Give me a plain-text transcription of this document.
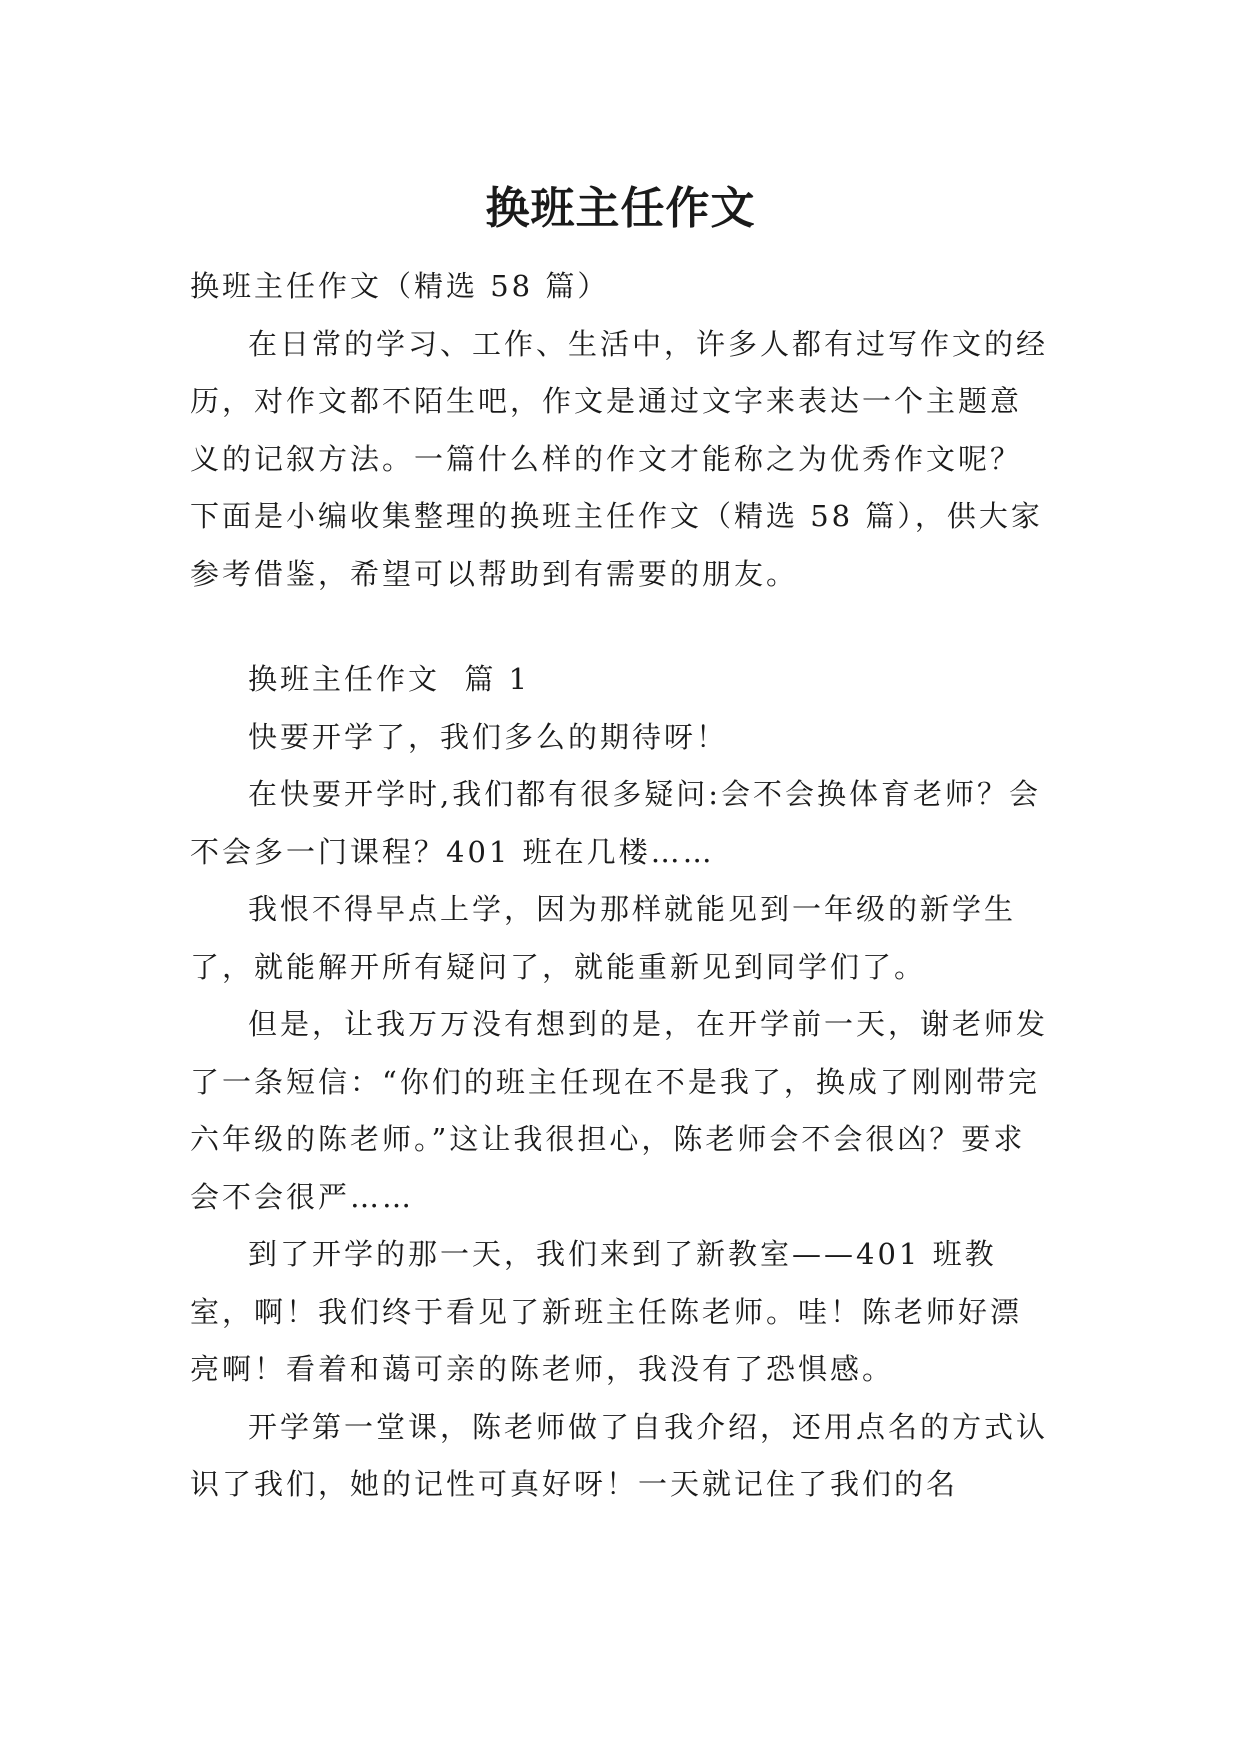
换班主任作文

换班主任作文（精选 58 篇）

在日常的学习、工作、生活中，许多人都有过写作文的经历，对作文都不陌生吧，作文是通过文字来表达一个主题意义的记叙方法。一篇什么样的作文才能称之为优秀作文呢？下面是小编收集整理的换班主任作文（精选 58 篇），供大家参考借鉴，希望可以帮助到有需要的朋友。

换班主任作文  篇 1

快要开学了，我们多么的期待呀！

在快要开学时,我们都有很多疑问:会不会换体育老师？会不会多一门课程？401 班在几楼……

我恨不得早点上学，因为那样就能见到一年级的新学生了，就能解开所有疑问了，就能重新见到同学们了。

但是，让我万万没有想到的是，在开学前一天，谢老师发了一条短信：“你们的班主任现在不是我了，换成了刚刚带完六年级的陈老师。”这让我很担心，陈老师会不会很凶？要求会不会很严……

到了开学的那一天，我们来到了新教室——401 班教室，啊！我们终于看见了新班主任陈老师。哇！陈老师好漂亮啊！看着和蔼可亲的陈老师，我没有了恐惧感。

开学第一堂课，陈老师做了自我介绍，还用点名的方式认识了我们，她的记性可真好呀！一天就记住了我们的名
